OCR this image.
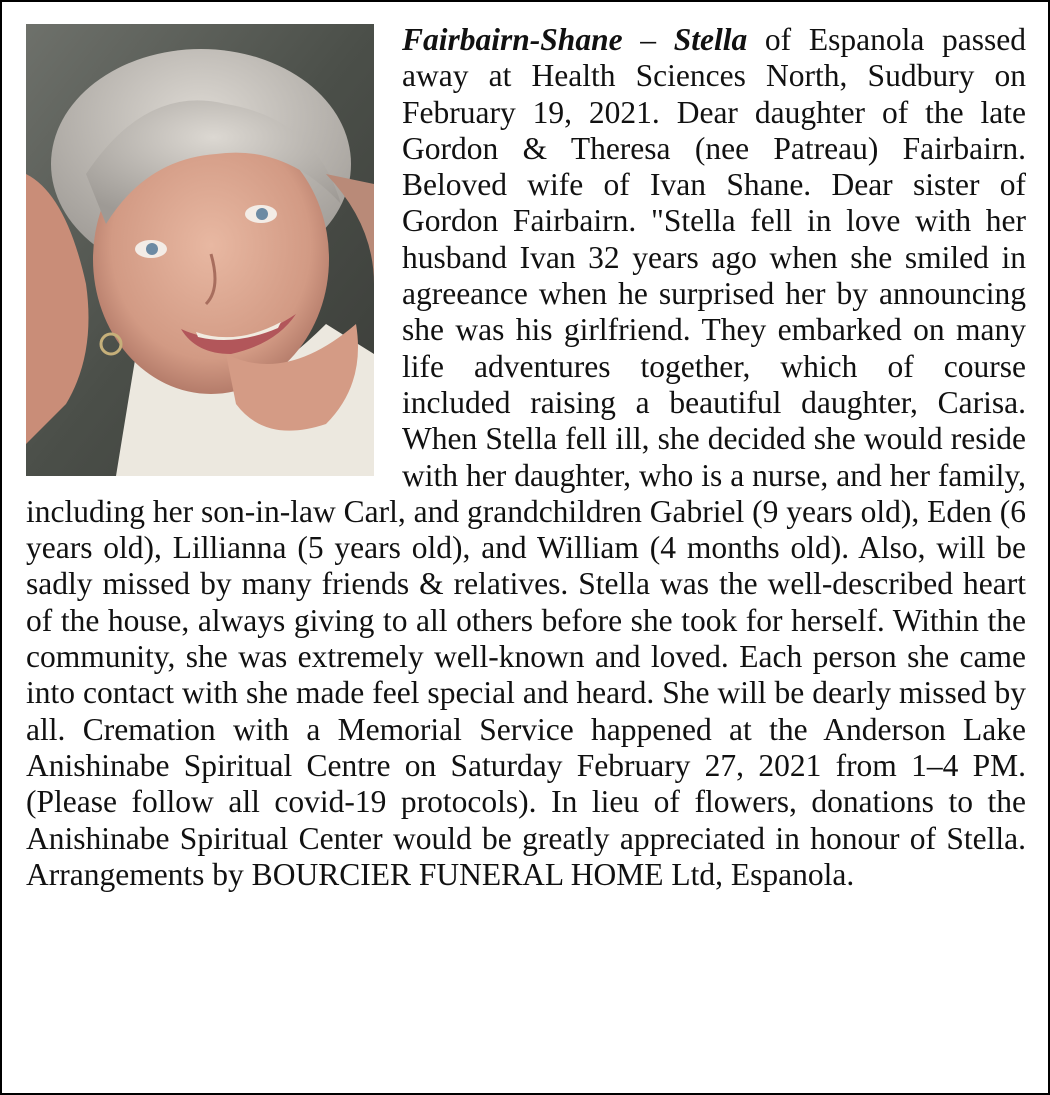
Fairbairn-Shane – Stella of Espanola passed away at Health Sciences North, Sudbury on February 19, 2021. Dear daughter of the late Gordon & Theresa (nee Patreau) Fairbairn. Beloved wife of Ivan Shane. Dear sister of Gordon Fairbairn. "Stella fell in love with her husband Ivan 32 years ago when she smiled in agreeance when he surprised her by announcing she was his girlfriend. They embarked on many life adventures together, which of course included raising a beautiful daughter, Carisa. When Stella fell ill, she decided she would reside with her daughter, who is a nurse, and her family, including her son-in-law Carl, and grandchildren Gabriel (9 years old), Eden (6 years old), Lillianna (5 years old), and William (4 months old). Also, will be sadly missed by many friends & relatives. Stella was the well-described heart of the house, always giving to all others before she took for herself. Within the community, she was extremely well-known and loved. Each person she came into contact with she made feel special and heard. She will be dearly missed by all. Cremation with a Memorial Service happened at the Anderson Lake Anishinabe Spiritual Centre on Saturday February 27, 2021 from 1–4 PM. (Please follow all covid-19 protocols). In lieu of flowers, donations to the Anishinabe Spiritual Center would be greatly appreciated in honour of Stella. Arrangements by BOURCIER FUNERAL HOME Ltd, Espanola.
